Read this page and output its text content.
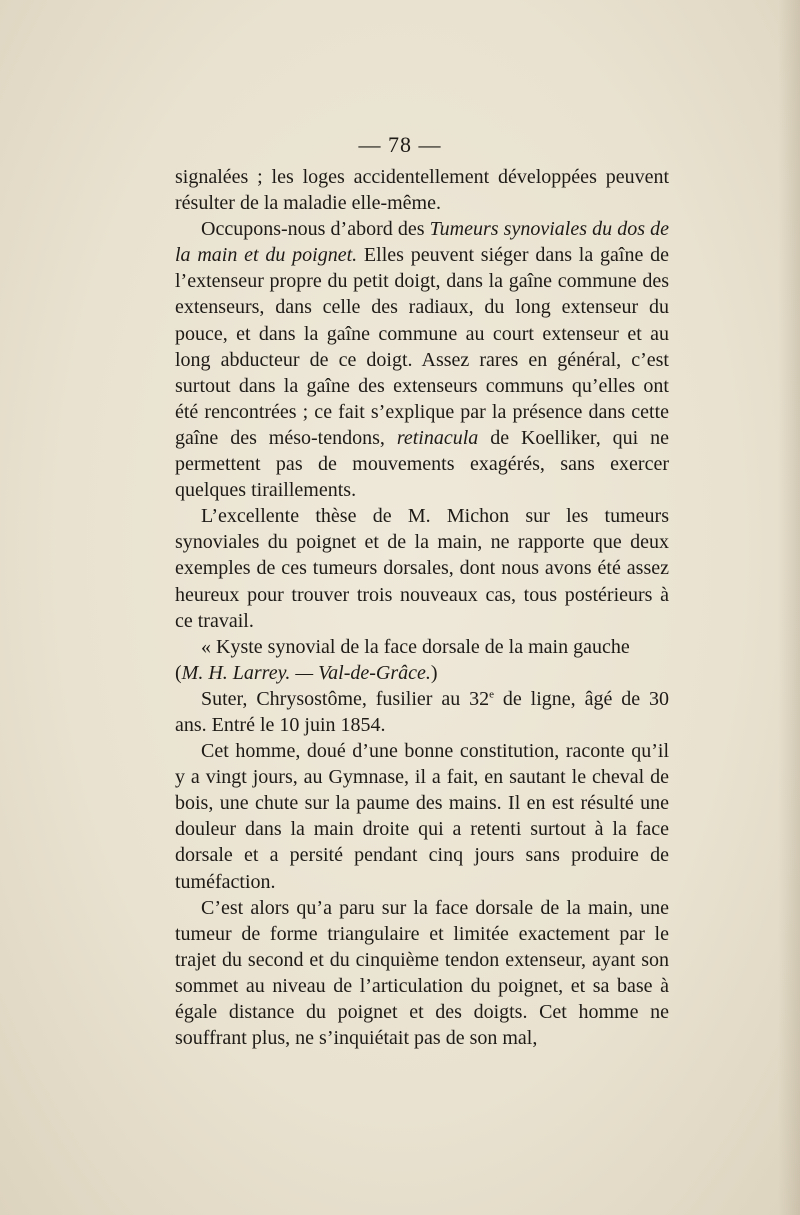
— 78 —

signalées ; les loges accidentellement développées peuvent résulter de la maladie elle-même.

Occupons-nous d’abord des Tumeurs synoviales du dos de la main et du poignet. Elles peuvent siéger dans la gaîne de l’extenseur propre du petit doigt, dans la gaîne commune des extenseurs, dans celle des radiaux, du long extenseur du pouce, et dans la gaîne commune au court extenseur et au long abducteur de ce doigt. Assez rares en général, c’est surtout dans la gaîne des extenseurs communs qu’elles ont été rencontrées ; ce fait s’explique par la présence dans cette gaîne des méso-tendons, retinacula de Koelliker, qui ne permettent pas de mouvements exagérés, sans exercer quelques tiraillements.

L’excellente thèse de M. Michon sur les tumeurs synoviales du poignet et de la main, ne rapporte que deux exemples de ces tumeurs dorsales, dont nous avons été assez heureux pour trouver trois nouveaux cas, tous postérieurs à ce travail.

« Kyste synovial de la face dorsale de la main gauche

(M. H. Larrey. — Val-de-Grâce.)

Suter, Chrysostôme, fusilier au 32e de ligne, âgé de 30 ans. Entré le 10 juin 1854.

Cet homme, doué d’une bonne constitution, raconte qu’il y a vingt jours, au Gymnase, il a fait, en sautant le cheval de bois, une chute sur la paume des mains. Il en est résulté une douleur dans la main droite qui a retenti surtout à la face dorsale et a persité pendant cinq jours sans produire de tuméfaction.

C’est alors qu’a paru sur la face dorsale de la main, une tumeur de forme triangulaire et limitée exactement par le trajet du second et du cinquième tendon extenseur, ayant son sommet au niveau de l’articulation du poignet, et sa base à égale distance du poignet et des doigts. Cet homme ne souffrant plus, ne s’inquiétait pas de son mal,
